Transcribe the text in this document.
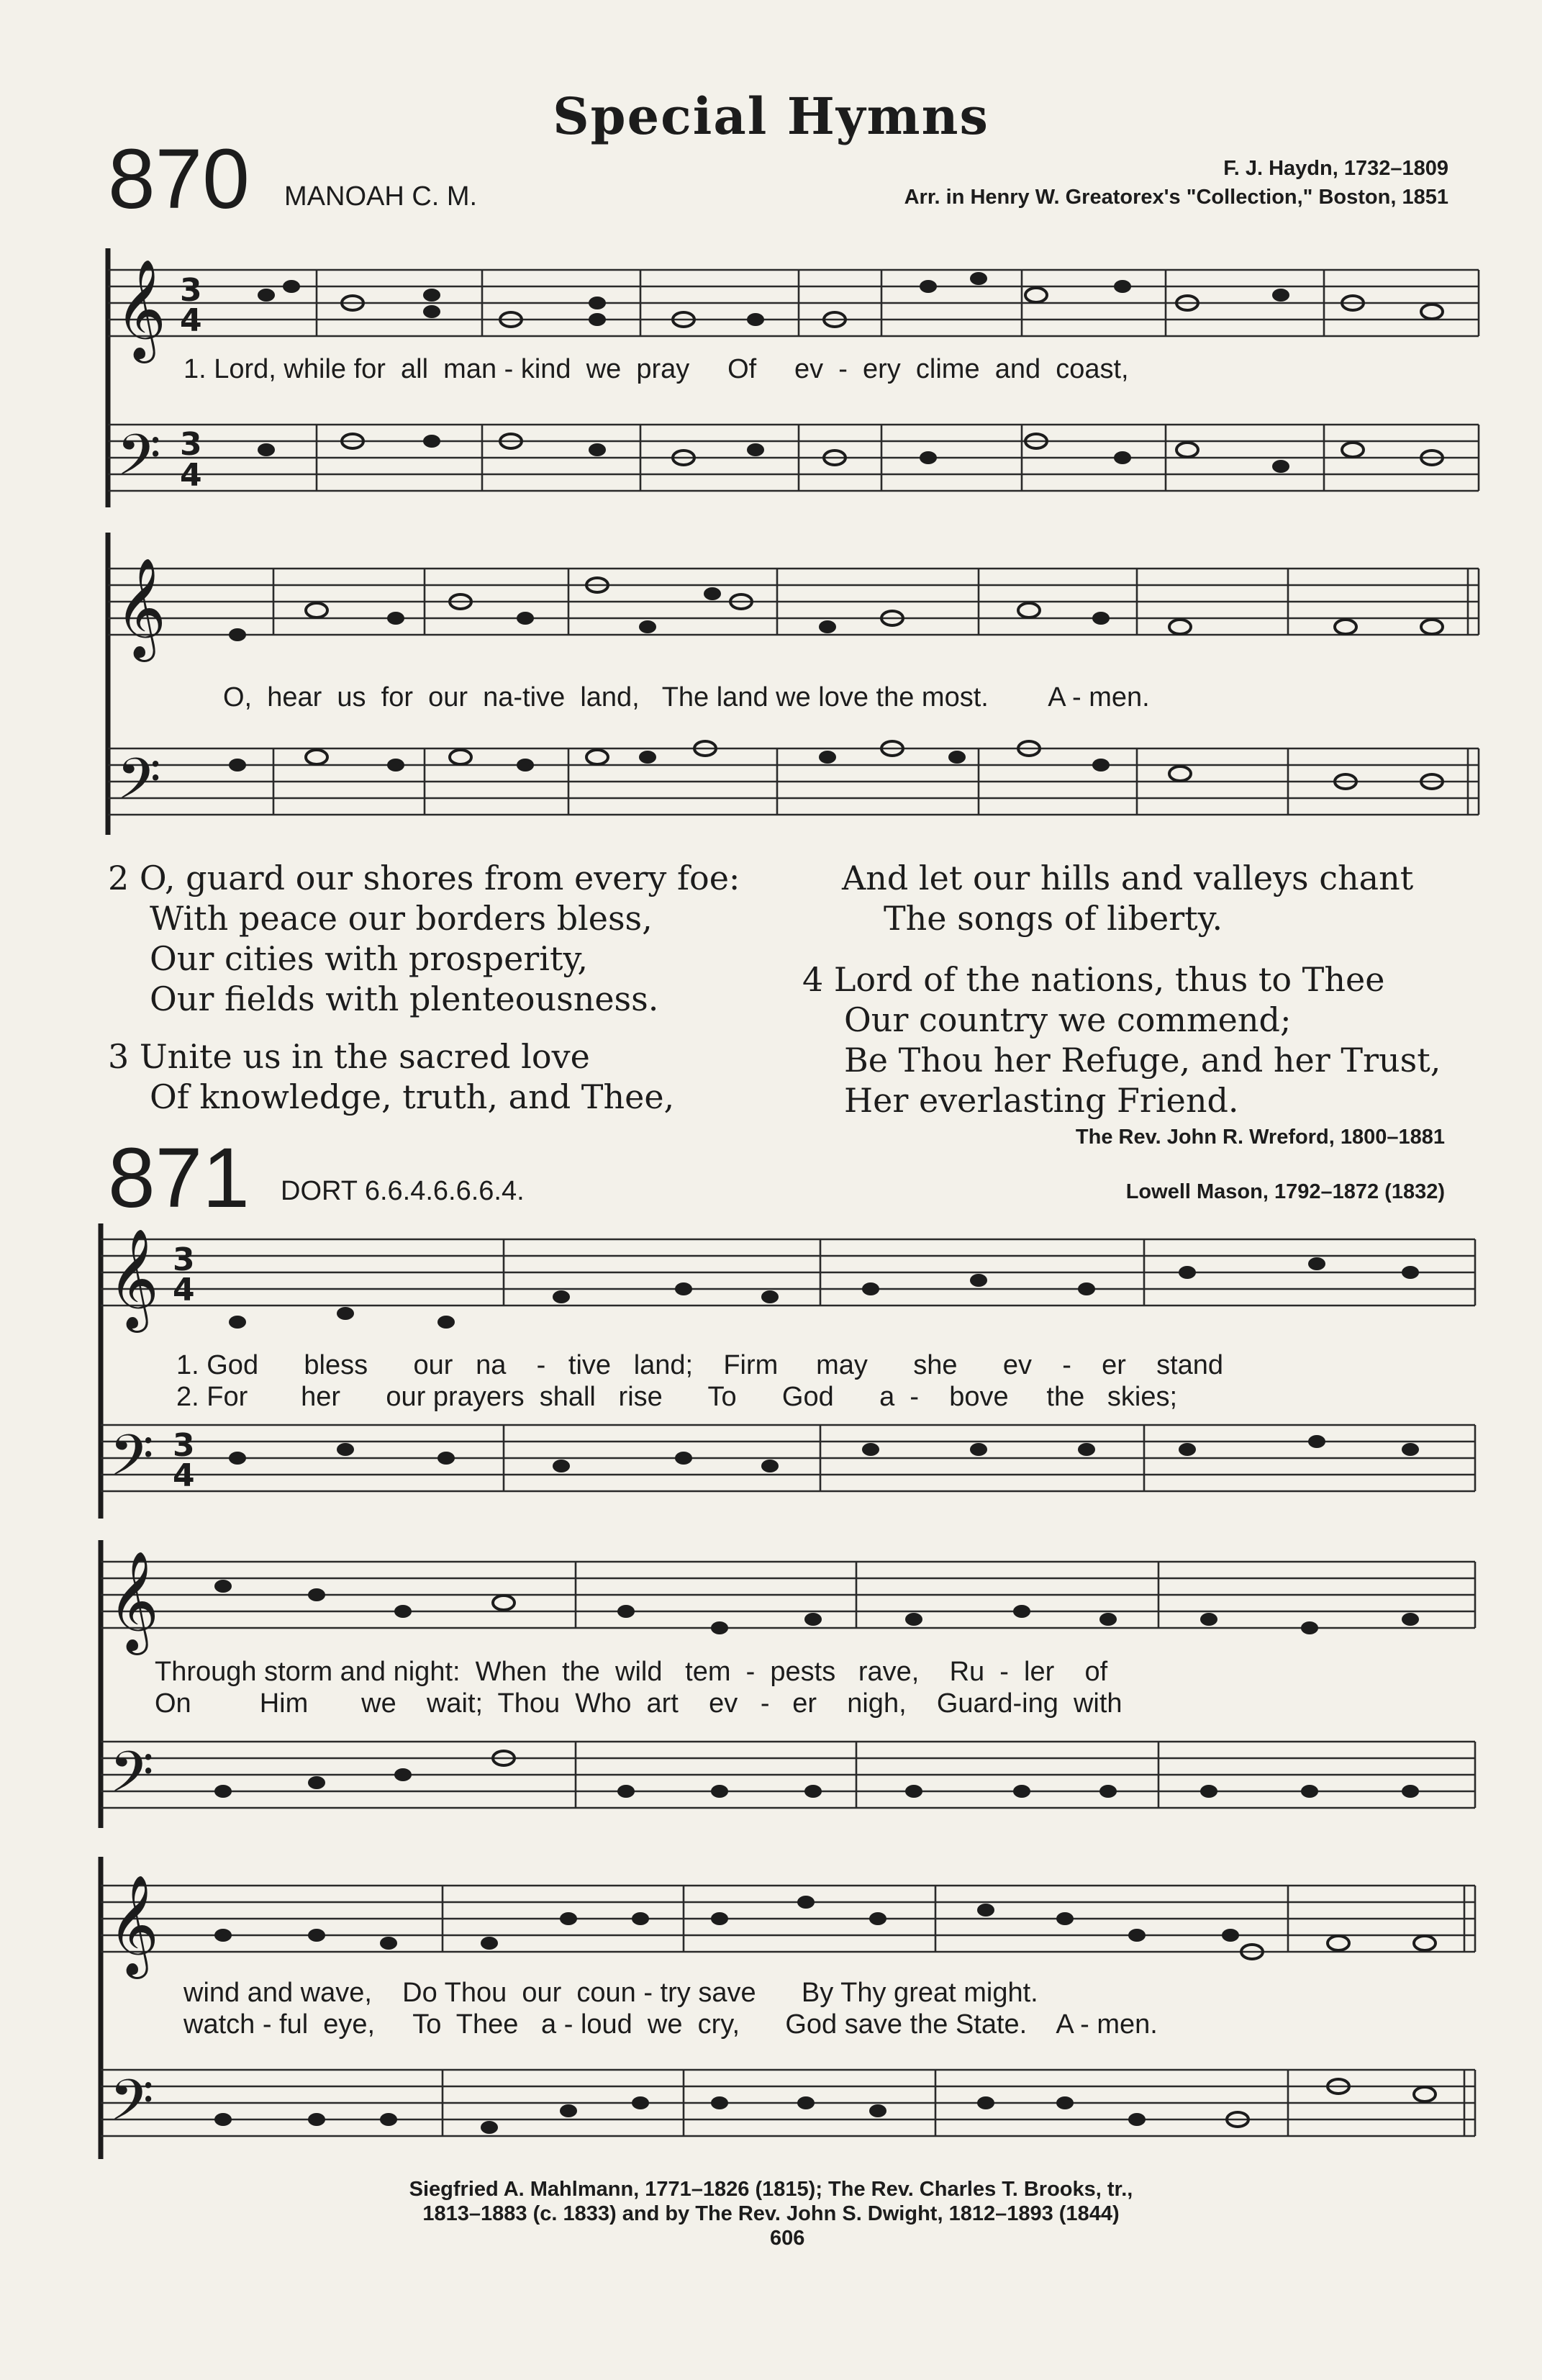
Special Hymns
870 MANOAH C. M.
F. J. Haydn, 1732–1809
Arr. in Henry W. Greatorex's "Collection," Boston, 1851
𝄞
𝄢
3
4
3
4
𝄞
𝄢
𝄞
𝄢
3
4
3
4
𝄞
𝄢
𝄞
𝄢
1. Lord, while for  all  man - kind  we  pray     Of     ev  -  ery  clime  and  coast,
O,  hear  us  for  our  na-tive  land,   The land we love the most.        A - men.
2 O, guard our shores from every foe:
With peace our borders bless,
Our cities with prosperity,
Our fields with plenteousness.
3 Unite us in the sacred love
Of knowledge, truth, and Thee,
And let our hills and valleys chant
The songs of liberty.
4 Lord of the nations, thus to Thee
Our country we commend;
Be Thou her Refuge, and her Trust,
Her everlasting Friend.
The Rev. John R. Wreford, 1800–1881
871 DORT 6.6.4.6.6.6.4.	Lowell Mason, 1792–1872 (1832)
1. God      bless      our   na    -   tive   land;    Firm     may      she      ev    -    er    stand
2. For       her      our prayers  shall   rise      To      God      a  -    bove     the   skies;
Through storm and night:  When  the  wild   tem  -  pests   rave,    Ru  -  ler    of
On         Him       we    wait;  Thou  Who  art    ev   -   er    nigh,    Guard-ing  with
wind and wave,    Do Thou  our  coun - try save      By Thy great might.
watch - ful  eye,     To  Thee   a - loud  we  cry,      God save the State.    A - men.
Siegfried A. Mahlmann, 1771–1826 (1815); The Rev. Charles T. Brooks, tr.,
1813–1883 (c. 1833) and by The Rev. John S. Dwight, 1812–1893 (1844)
606
